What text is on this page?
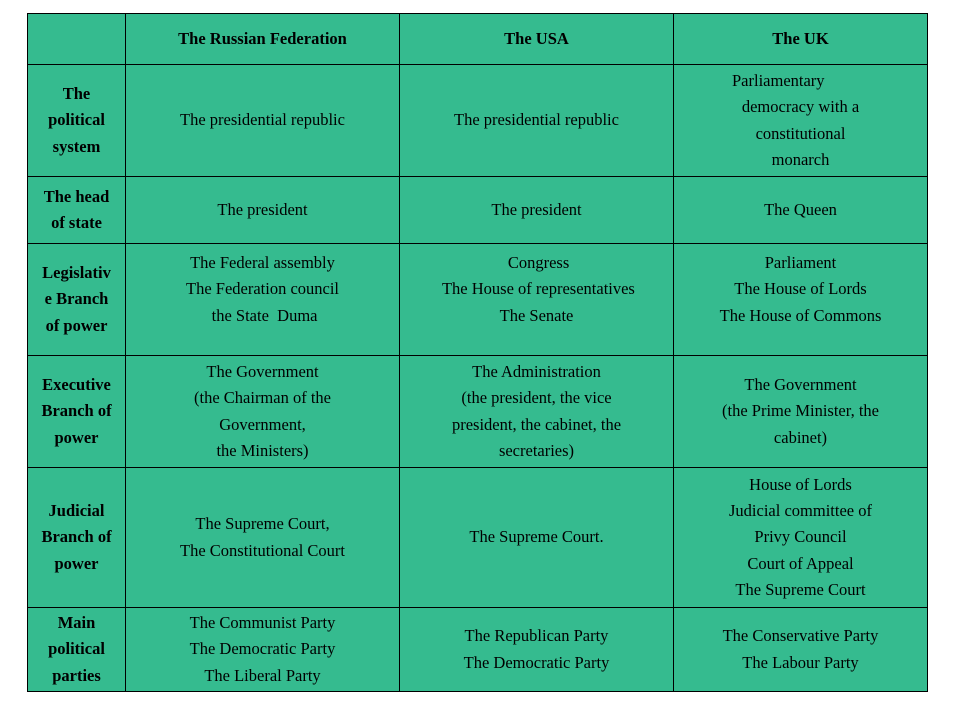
	The Russian Federation	The USA	The UK

The
political
system	The presidential republic	The presidential republic	Parliamentary
democracy with a
constitutional
monarch

The head
of state	The president	The president	The Queen

Legislativ
e Branch
of power	The Federal assembly
The Federation council
the State  Duma	Congress
The House of representatives
The Senate	Parliament
The House of Lords
The House of Commons

Executive
Branch of
power	The Government
(the Chairman of the
Government,
the Ministers)	The Administration
(the president, the vice
president, the cabinet, the
secretaries)	The Government
(the Prime Minister, the
cabinet)

Judicial
Branch of
power	The Supreme Court,
The Constitutional Court	The Supreme Court.	House of Lords
Judicial committee of
Privy Council
Court of Appeal
The Supreme Court

Main
political
parties	The Communist Party
The Democratic Party
The Liberal Party	The Republican Party
The Democratic Party	The Conservative Party
The Labour Party
